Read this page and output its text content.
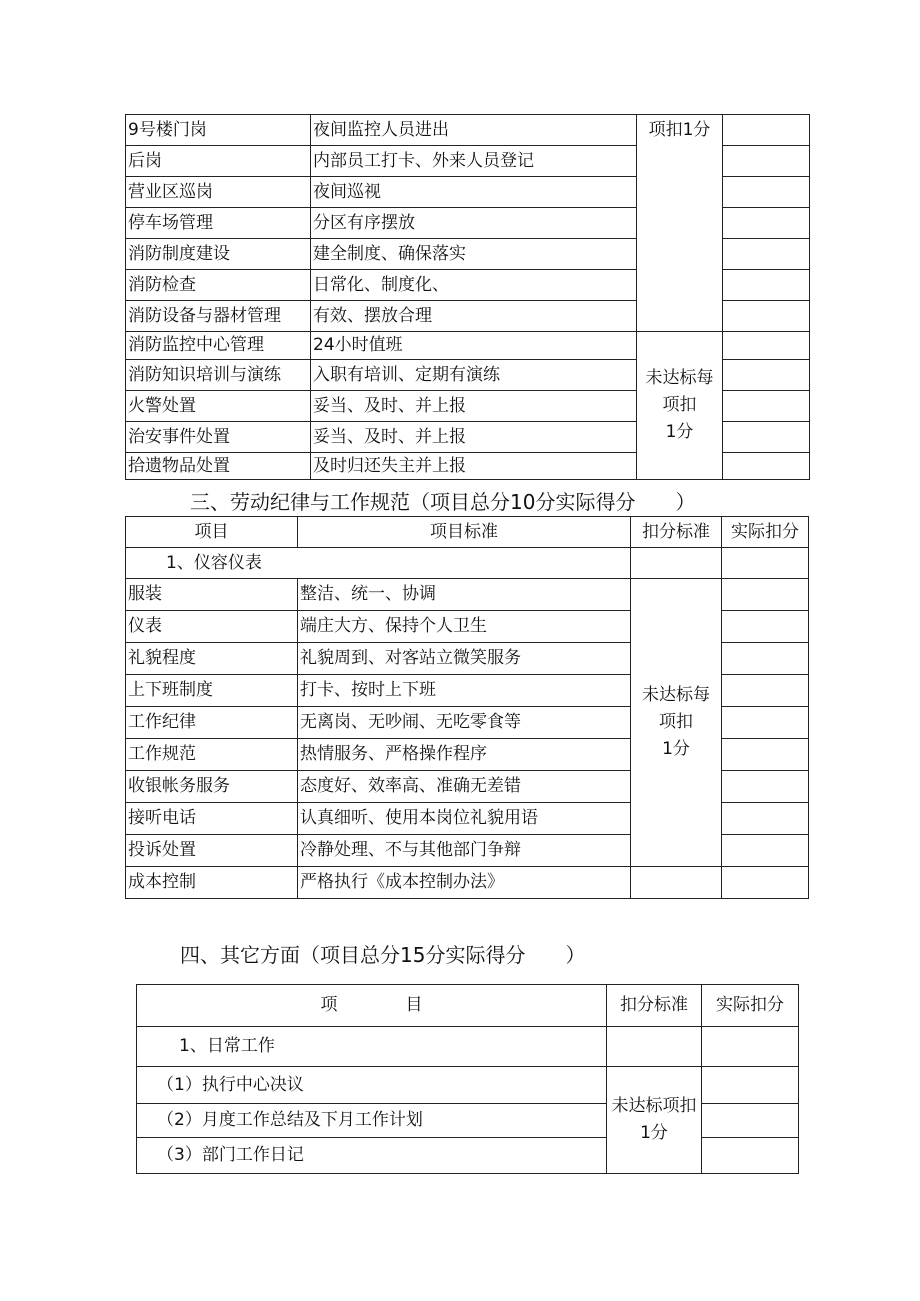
9号楼门岗	夜间监控人员进出	项扣1分	
后岗	内部员工打卡、外来人员登记		
营业区巡岗	夜间巡视		
停车场管理	分区有序摆放		
消防制度建设	建全制度、确保落实		
消防检查	日常化、制度化、		
消防设备与器材管理	有效、摆放合理		
消防监控中心管理	24小时值班	未达标每
项扣
1分	

消防知识培训与演练	入职有培训、定期有演练		
火警处置	妥当、及时、并上报		
治安事件处置	妥当、及时、并上报		
拾遗物品处置	及时归还失主并上报		
三、劳动纪律与工作规范（项目总分10分实际得分　　）
项目	项目标准	扣分标准	实际扣分
1、仪容仪表			
服装	整洁、统一、协调	未达标每
项扣
1分	

仪表	端庄大方、保持个人卫生		
礼貌程度	礼貌周到、对客站立微笑服务		
上下班制度	打卡、按时上下班		
工作纪律	无离岗、无吵闹、无吃零食等		
工作规范	热情服务、严格操作程序		
收银帐务服务	态度好、效率高、准确无差错		
接听电话	认真细听、使用本岗位礼貌用语		
投诉处置	冷静处理、不与其他部门争辩		
成本控制	严格执行《成本控制办法》		
四、其它方面（项目总分15分实际得分　　）
项　　　　目	扣分标准	实际扣分
1、日常工作		
（1）执行中心决议	未达标项扣
1分	

（2）月度工作总结及下月工作计划		
（3）部门工作日记		
